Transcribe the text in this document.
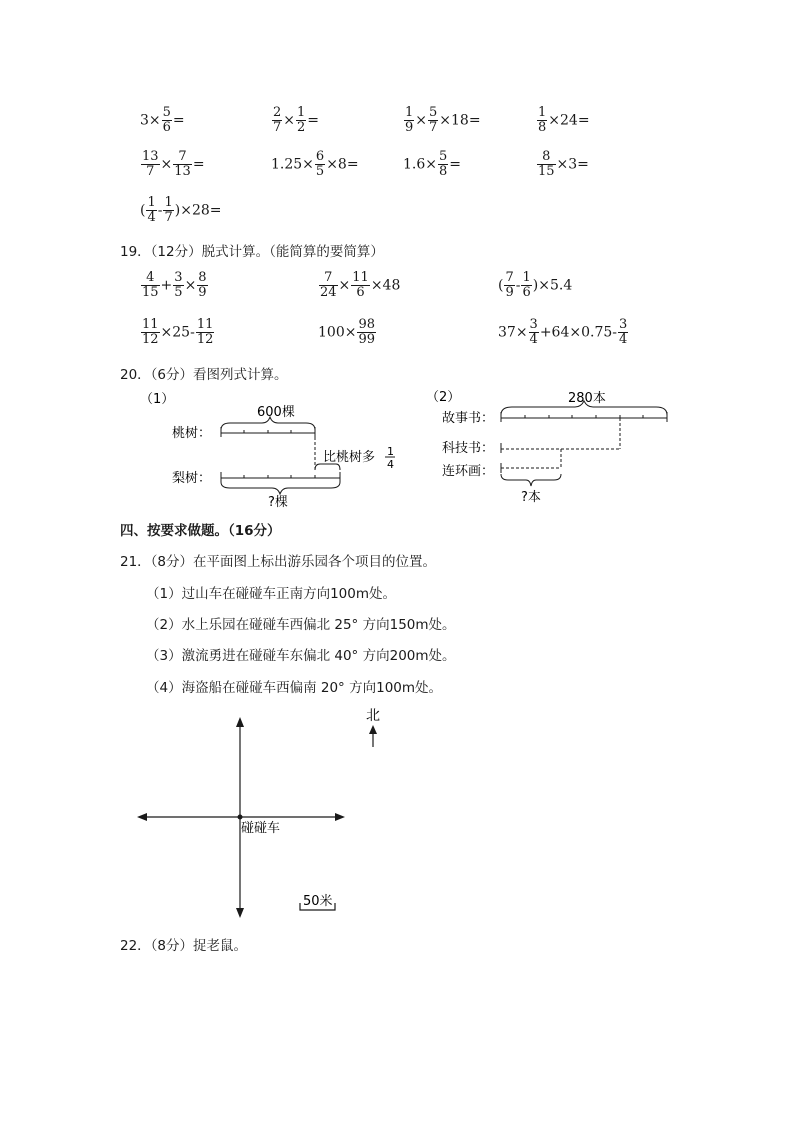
$3\times \frac{5}{6}$ =	$\frac{2}{7} \times \frac{1}{2}$ =	$\frac{1}{9} \times \frac{5}{7} \times 18=$	$\frac{1}{8} \times 24=$
$\frac{13}{7} \times \frac{7}{13}$ =	$1.25\times \frac{6}{5} \times 8=$	$1.6\times \frac{5}{8}$ =	$\frac{8}{15} \times 3=$
( $\frac{1}{4} - \frac{1}{7} )\times 28=$
19．（12分）脱式计算。（能简算的要简算）
$\frac{4}{15} + \frac{3}{5} \times \frac{8}{9}$	$\frac{7}{24} \times \frac{11}{6} \times 48$	( $\frac{7}{9} - \frac{1}{6} )\times 5.4$
$\frac{11}{12} \times 25- \frac{11}{12}$	$100\times \frac{98}{99}$	$37\times \frac{3}{4} +64\times 0.75- \frac{3}{4}$
20．（6分）看图列式计算。
（1）
600棵
桃树：
比桃树多 1
4
梨树：
?棵
（2）	280本
故事书：
科技书：
连环画：
?本
四、按要求做题。（16分）
21．（8分）在平面图上标出游乐园各个项目的位置。
（1）过山车在碰碰车正南方向100m处。
（2）水上乐园在碰碰车西偏北 25° 方向150m处。
（3）激流勇进在碰碰车东偏北 40° 方向200m处。
（4）海盗船在碰碰车西偏南 20° 方向100m处。
北
碰碰车
50米
22．（8分）捉老鼠。
